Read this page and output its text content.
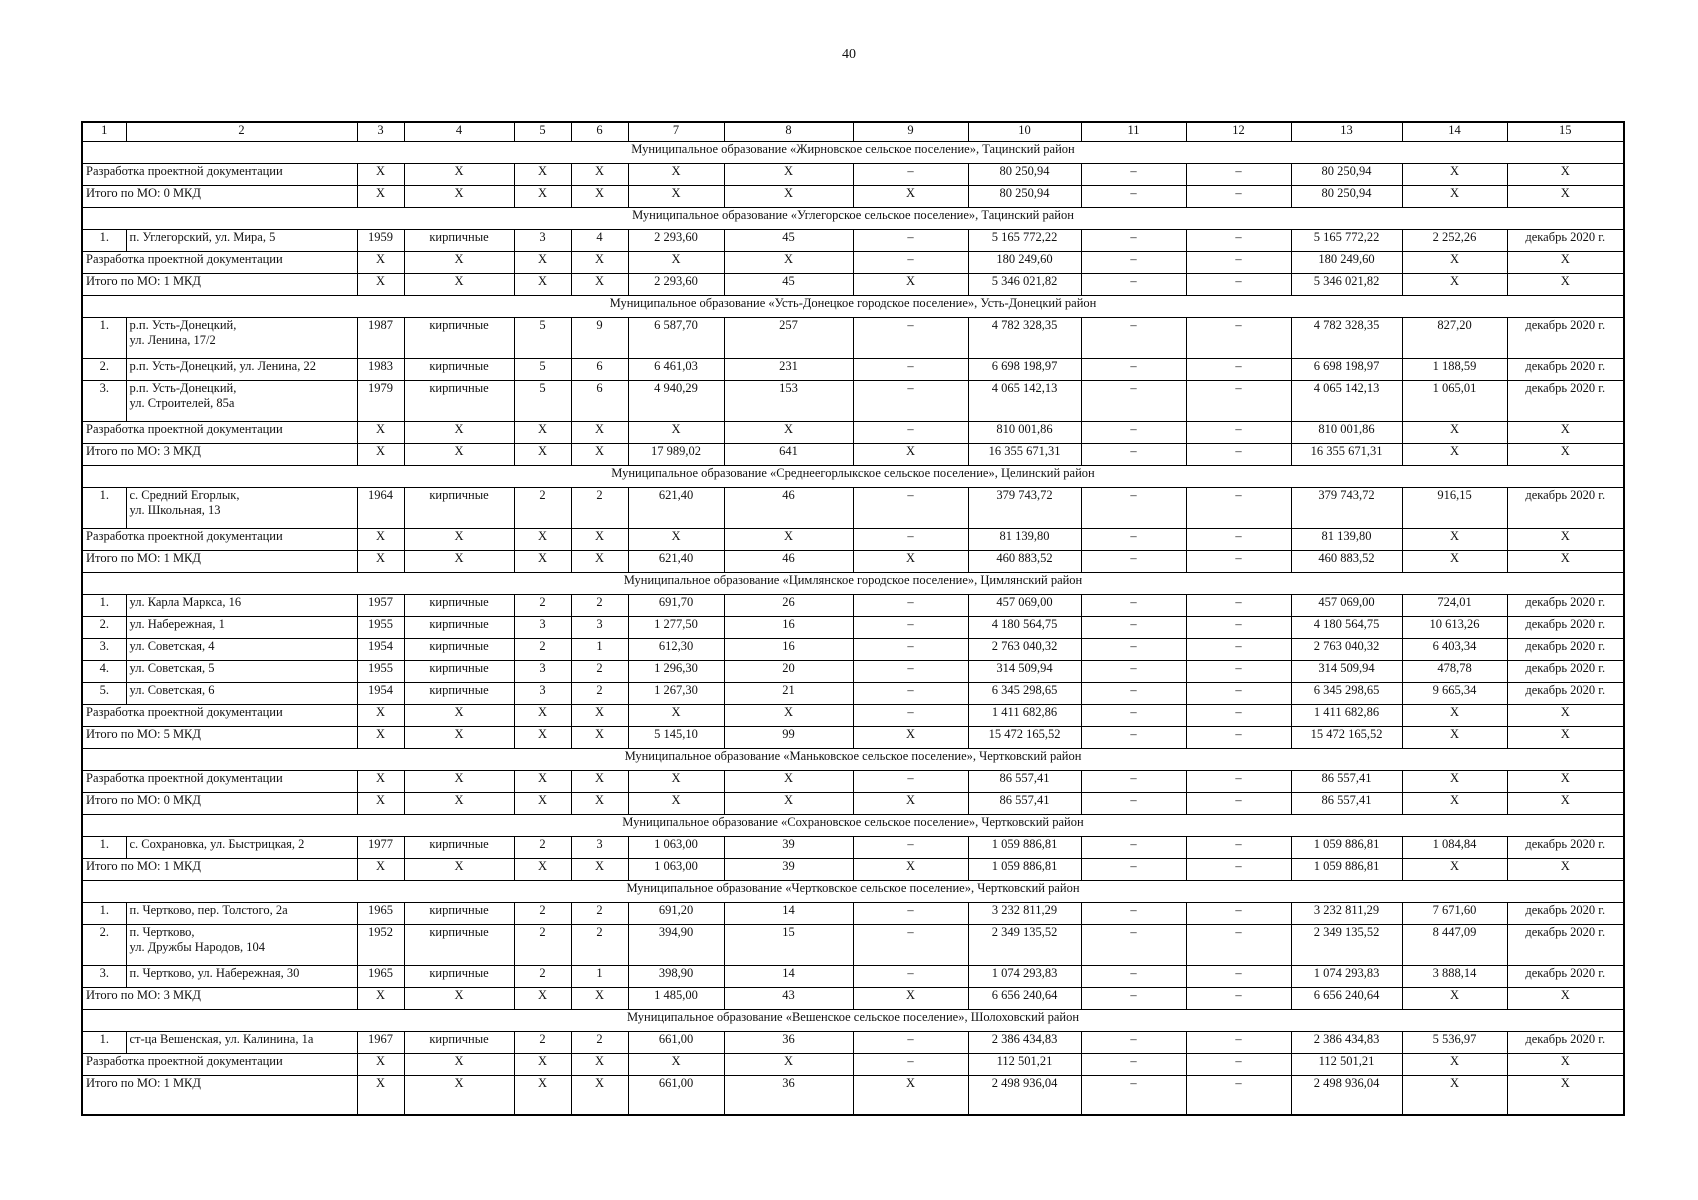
40
1	2	3	4	5	6	7	8	9	10	11	12	13	14	15
Муниципальное образование «Жирновское сельское поселение», Тацинский район														
Разработка проектной документации		X	X	X	X	X	X	–	80 250,94	–	–	80 250,94	X	X
Итого по МО: 0 МКД		X	X	X	X	X	X	X	80 250,94	–	–	80 250,94	X	X
Муниципальное образование «Углегорское сельское поселение», Тацинский район														
1.	п. Углегорский, ул. Мира, 5	1959	кирпичные	3	4	2 293,60	45	–	5 165 772,22	–	–	5 165 772,22	2 252,26	декабрь 2020 г.
Разработка проектной документации		X	X	X	X	X	X	–	180 249,60	–	–	180 249,60	X	X
Итого по МО: 1 МКД		X	X	X	X	2 293,60	45	X	5 346 021,82	–	–	5 346 021,82	X	X
Муниципальное образование «Усть-Донецкое городское поселение», Усть-Донецкий район														
1.	р.п. Усть-Донецкий,
ул. Ленина, 17/2	1987	кирпичные	5	9	6 587,70	257	–	4 782 328,35	–	–	4 782 328,35	827,20	декабрь 2020 г.
2.	р.п. Усть-Донецкий, ул. Ленина, 22	1983	кирпичные	5	6	6 461,03	231	–	6 698 198,97	–	–	6 698 198,97	1 188,59	декабрь 2020 г.
3.	р.п. Усть-Донецкий,
ул. Строителей, 85а	1979	кирпичные	5	6	4 940,29	153	–	4 065 142,13	–	–	4 065 142,13	1 065,01	декабрь 2020 г.
Разработка проектной документации		X	X	X	X	X	X	–	810 001,86	–	–	810 001,86	X	X
Итого по МО: 3 МКД		X	X	X	X	17 989,02	641	X	16 355 671,31	–	–	16 355 671,31	X	X
Муниципальное образование «Среднеегорлыкское сельское поселение», Целинский район														
1.	с. Средний Егорлык,
ул. Школьная, 13	1964	кирпичные	2	2	621,40	46	–	379 743,72	–	–	379 743,72	916,15	декабрь 2020 г.
Разработка проектной документации		X	X	X	X	X	X	–	81 139,80	–	–	81 139,80	X	X
Итого по МО: 1 МКД		X	X	X	X	621,40	46	X	460 883,52	–	–	460 883,52	X	X
Муниципальное образование «Цимлянское городское поселение», Цимлянский район														
1.	ул. Карла Маркса, 16	1957	кирпичные	2	2	691,70	26	–	457 069,00	–	–	457 069,00	724,01	декабрь 2020 г.
2.	ул. Набережная, 1	1955	кирпичные	3	3	1 277,50	16	–	4 180 564,75	–	–	4 180 564,75	10 613,26	декабрь 2020 г.
3.	ул. Советская, 4	1954	кирпичные	2	1	612,30	16	–	2 763 040,32	–	–	2 763 040,32	6 403,34	декабрь 2020 г.
4.	ул. Советская, 5	1955	кирпичные	3	2	1 296,30	20	–	314 509,94	–	–	314 509,94	478,78	декабрь 2020 г.
5.	ул. Советская, 6	1954	кирпичные	3	2	1 267,30	21	–	6 345 298,65	–	–	6 345 298,65	9 665,34	декабрь 2020 г.
Разработка проектной документации		X	X	X	X	X	X	–	1 411 682,86	–	–	1 411 682,86	X	X
Итого по МО: 5 МКД		X	X	X	X	5 145,10	99	X	15 472 165,52	–	–	15 472 165,52	X	X
Муниципальное образование «Маньковское сельское поселение», Чертковский район														
Разработка проектной документации		X	X	X	X	X	X	–	86 557,41	–	–	86 557,41	X	X
Итого по МО: 0 МКД		X	X	X	X	X	X	X	86 557,41	–	–	86 557,41	X	X
Муниципальное образование «Сохрановское сельское поселение», Чертковский район														
1.	с. Сохрановка, ул. Быстрицкая, 2	1977	кирпичные	2	3	1 063,00	39	–	1 059 886,81	–	–	1 059 886,81	1 084,84	декабрь 2020 г.
Итого по МО: 1 МКД		X	X	X	X	1 063,00	39	X	1 059 886,81	–	–	1 059 886,81	X	X
Муниципальное образование «Чертковское сельское поселение», Чертковский район														
1.	п. Чертково, пер. Толстого, 2а	1965	кирпичные	2	2	691,20	14	–	3 232 811,29	–	–	3 232 811,29	7 671,60	декабрь 2020 г.
2.	п. Чертково,
ул. Дружбы Народов, 104	1952	кирпичные	2	2	394,90	15	–	2 349 135,52	–	–	2 349 135,52	8 447,09	декабрь 2020 г.
3.	п. Чертково, ул. Набережная, 30	1965	кирпичные	2	1	398,90	14	–	1 074 293,83	–	–	1 074 293,83	3 888,14	декабрь 2020 г.
Итого по МО: 3 МКД		X	X	X	X	1 485,00	43	X	6 656 240,64	–	–	6 656 240,64	X	X
Муниципальное образование «Вешенское сельское поселение», Шолоховский район														
1.	ст-ца Вешенская, ул. Калинина, 1а	1967	кирпичные	2	2	661,00	36	–	2 386 434,83	–	–	2 386 434,83	5 536,97	декабрь 2020 г.
Разработка проектной документации		X	X	X	X	X	X	–	112 501,21	–	–	112 501,21	X	X
Итого по МО: 1 МКД		X	X	X	X	661,00	36	X	2 498 936,04	–	–	2 498 936,04	X	X
